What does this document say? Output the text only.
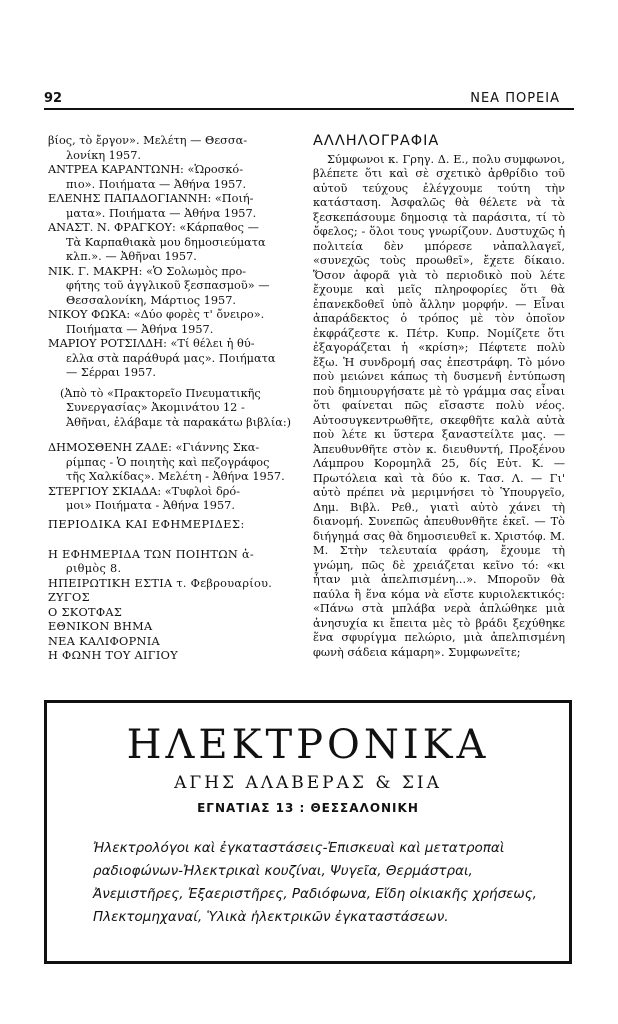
92	ΝΕΑ ΠΟΡΕΙΑ

βίος, τὸ ἔργον». Μελέτη — Θεσσα-

λονίκη 1957.

ΑΝΤΡΕΑ ΚΑΡΑΝΤΩΝΗ: «Ὡροσκό-

πιο». Ποιήματα — Ἀθήνα 1957.

ΕΛΕΝΗΣ ΠΑΠΑΔΟΓΙΑΝΝΗ: «Ποιή-

ματα». Ποιήματα — Ἀθήνα 1957.

ΑΝΑΣΤ. Ν. ΦΡΑΓΚΟΥ: «Κάρπαθος —

Τὰ Καρπαθιακὰ μου δημοσιεύματα

κλπ.». — Ἀθῆναι 1957.

ΝΙΚ. Γ. ΜΑΚΡΗ: «Ὁ Σολωμὸς προ-

φήτης τοῦ ἀγγλικοῦ ξεσπασμοῦ» —

Θεσσαλονίκη, Μάρτιος 1957.

ΝΙΚΟΥ ΦΩΚΑ: «Δύο φορὲς τ' ὄνειρο».

Ποιήματα — Ἀθήνα 1957.

ΜΑΡΙΟΥ ΡΟΤΣΙΛΔΗ: «Τί θέλει ἡ θύ-

ελλα στὰ παράθυρά μας». Ποιήματα

— Σέρραι 1957.

(Ἀπὸ τὸ «Πρακτορεῖο Πνευματικῆς Συνεργασίας» Ἀκομινάτου 12 - Ἀθῆναι, ἐλάβαμε τὰ παρακάτω βιβλία:)

ΔΗΜΟΣΘΕΝΗ ΖΑΔΕ: «Γιάννης Σκα-

ρίμπας - Ὁ ποιητὴς καὶ πεζογράφος

τῆς Χαλκίδας». Μελέτη - Ἀθήνα 1957.

ΣΤΕΡΓΙΟΥ ΣΚΙΑΔΑ: «Τυφλοὶ δρό-

μοι» Ποιήματα - Ἀθήνα 1957.

ΠΕΡΙΟΔΙΚΑ ΚΑΙ ΕΦΗΜΕΡΙΔΕΣ:

Η ΕΦΗΜΕΡΙΔΑ ΤΩΝ ΠΟΙΗΤΩΝ ἀ-

ριθμὸς 8.

ΗΠΕΙΡΩΤΙΚΗ ΕΣΤΙΑ τ. Φεβρουαρίου.

ΖΥΓΟΣ

Ο ΣΚΟΤΦΑΣ

ΕΘΝΙΚΟΝ ΒΗΜΑ

ΝΕΑ ΚΑΛΙΦΟΡΝΙΑ

Η ΦΩΝΗ ΤΟΥ ΑΙΓΙΟΥ

ΑΛΛΗΛΟΓΡΑΦΙΑ

Σύμφωνοι κ. Γρηγ. Δ. Ε., πολυ συμφωνοι, βλέπετε ὅτι καὶ σὲ σχετικὸ ἀρθρίδιο τοῦ αὐτοῦ τεύχους ἐλέγχουμε τούτη τὴν κατάσταση. Ἀσφαλῶς θὰ θέλετε νὰ τὰ ξεσκεπάσουμε δημοσιᾳ τὰ παράσιτα, τί τὸ ὄφελος; - ὅλοι τους γνωρίζουν. Δυστυχῶς ἡ πολιτεία δὲν μπόρεσε νἀπαλλαγεῖ, «συνεχῶς τοὺς προωθεῖ», ἔχετε δίκαιο. Ὅσον ἀφορᾶ γιὰ τὸ περιοδικὸ ποὺ λέτε ἔχουμε καὶ μεῖς πληροφορίες ὅτι θὰ ἐπανεκδοθεῖ ὑπὸ ἄλλην μορφήν. — Εἶναι ἀπαράδεκτος ὁ τρόπος μὲ τὸν ὁποῖον ἐκφράζεστε κ. Πέτρ. Κυπρ. Νομίζετε ὅτι ἐξαγοράζεται ἡ «κρίση»; Πέφτετε πολὺ ἔξω. Ἡ συνδρομή σας ἐπεστράφη. Τὸ μόνο ποὺ μειώνει κάπως τὴ δυσμενῆ ἐντύπωση ποὺ δημιουργήσατε μὲ τὸ γράμμα σας εἶναι ὅτι φαίνεται πῶς εἴσαστε πολὺ νέος. Αὐτοσυγκεντρωθῆτε, σκεφθῆτε καλὰ αὐτὰ ποὺ λέτε κι ὕστερα ξαναστείλτε μας. — Ἀπευθυνθῆτε στὸν κ. διευθυντή, Προξένου Λάμπρου Κορομηλᾶ 25, δίς Εὐτ. Κ. — Πρωτόλεια καὶ τὰ δύο κ. Τασ. Λ. — Γι' αὐτὸ πρέπει νὰ μεριμνήσει τὸ Ὑπουργεῖο, Δημ. Βιβλ. Ρεθ., γιατὶ αὐτὸ χάνει τὴ διανομή. Συνεπῶς ἀπευθυνθῆτε ἐκεῖ. — Τὸ διήγημά σας θὰ δημοσιευθεῖ κ. Χριστόφ. Μ. Μ. Στὴν τελευταία φράση, ἔχουμε τὴ γνώμη, πῶς δὲ χρειάζεται κεῖνο τό: «κι ἦταν μιὰ ἀπελπισμένη...». Μποροῦν θὰ παύλα ἢ ἕνα κόμα νὰ εἴστε κυριολεκτικός: «Πάνω στὰ μπλάβα νερὰ ἁπλώθηκε μιὰ ἀνησυχία κι ἔπειτα μὲς τὸ βράδι ξεχύθηκε ἕνα σφυρίγμα πελώριο, μιὰ ἀπελπισμένη φωνὴ σάδεια κάμαρη». Συμφωνεῖτε;

ΗΛΕΚΤΡΟΝΙΚΑ
ΑΓΗΣ ΑΛΑΒΕΡΑΣ & ΣΙΑ
ΕΓΝΑΤΙΑΣ 13 : ΘΕΣΣΑΛΟΝΙΚΗ
Ἠλεκτρολόγοι καὶ ἐγκαταστάσεις-Ἐπισκευαὶ καὶ μετατροπαὶ ραδιοφώνων-Ἠλεκτρικαὶ κουζίναι, Ψυγεῖα, Θερμάστραι, Ἀνεμιστῆρες, Ἐξαεριστῆρες, Ραδιόφωνα, Εἴδη οἰκιακῆς χρήσεως, Πλεκτομηχαναί, Ὑλικὰ ἠλεκτρικῶν ἐγκαταστάσεων.
